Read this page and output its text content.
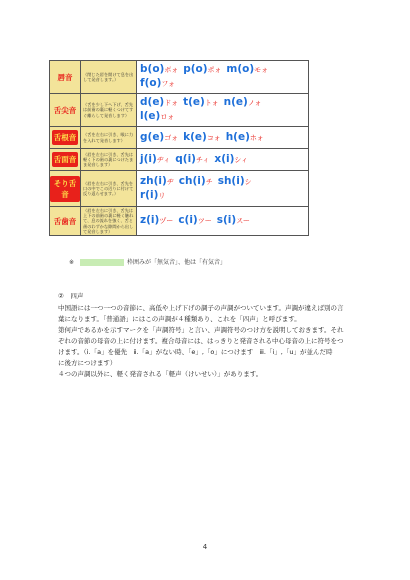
唇音	（閉じた唇を開けて息を出して発音します。）	b(o)ボォ p(o)ポォ m(o)モォ
f(o)フォ

舌尖音	（舌を少し下へ下げ、舌先は前歯の裏に軽くつけてすぐ離らして発音します）	d(e)ドォ t(e)トォ n(e)ノォ
l(e)ロォ

舌根音	（舌を左右に引き、喉に力を入れて発音します）	g(e)ゴォ k(e)コォ h(e)ホォ

舌面音	（唇を左右に引き、舌先は軽く下の歯の裏につけたまま発音します）	j(i)ヂィ q(i)チィ x(i)シィ

そり舌音	（唇を左右に引き、舌先を口の中でこの辺りに付けて反り返らせます。）	zh(i)ヂ ch(i)チ sh(i)シ
r(i)リ

舌歯音	（唇を左右に引き、舌先は上下の前歯の裏に軽く触れて、息の流れを強く、舌と歯のわずかな隙間から出して発音します）	z(i)ヅー c(i)ツー s(i)スー
※	枠囲みが「無気音」、他は「有気音」
②　四声

中国語には一つ一つの音節に、高低や上げ下げの調子の声調がついています。声調が違えば別の言

葉になります。「普通語」にはこの声調が４種類あり、これを「四声」と呼びます。

第何声であるかを示すマークを「声調符号」と言い、声調符号のつけ方を説明しておきます。それ

ぞれの音節の母音の上に付けます。複合母音には、はっきりと発音される中心母音の上に符号をつ

けます。（ⅰ.「a」を優先　ⅱ.「a」がない時、「e」,「o」につけます　ⅲ.「i」,「u」が並んだ時

に後方につけます）

４つの声調以外に、軽く発音される「軽声（けいせい）」があります。

4
